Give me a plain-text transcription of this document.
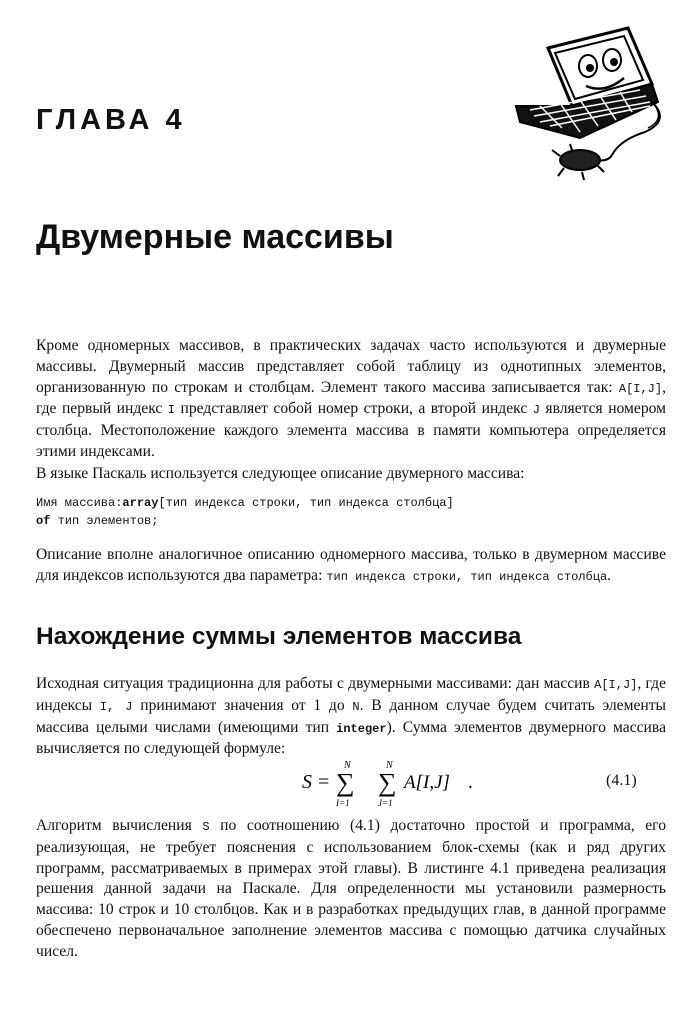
ГЛАВА 4
Двумерные массивы

Кроме одномерных массивов, в практических задачах часто используются и двумерные массивы. Двумерный массив представляет собой таблицу из однотипных элементов, организованную по строкам и столбцам. Элемент такого массива записывается так: A[I,J], где первый индекс I представляет собой номер строки, а второй индекс J является номером столбца. Местоположение каждого элемента массива в памяти компьютера определяется этими индексами.

В языке Паскаль используется следующее описание двумерного массива:

Имя массива:array[тип индекса строки, тип индекса столбца]
of тип элементов;

Описание вполне аналогичное описанию одномерного массива, только в двумерном массиве для индексов используются два параметра: тип индекса строки, тип индекса столбца.

Нахождение суммы элементов массива

Исходная ситуация традиционна для работы с двумерными массивами: дан массив A[I,J], где индексы I, J принимают значения от 1 до N. В данном случае будем считать элементы массива целыми числами (имеющими тип integer). Сумма элементов двумерного массива вычисляется по следующей формуле:

S =
N
∑
I=1
N
∑
J=1
A[I,J] .	(4.1)

Алгоритм вычисления S по соотношению (4.1) достаточно простой и программа, его реализующая, не требует пояснения с использованием блок-схемы (как и ряд других программ, рассматриваемых в примерах этой главы). В листинге 4.1 приведена реализация решения данной задачи на Паскале. Для определенности мы установили размерность массива: 10 строк и 10 столбцов. Как и в разработках предыдущих глав, в данной программе обеспечено первоначальное заполнение элементов массива с помощью датчика случайных чисел.
